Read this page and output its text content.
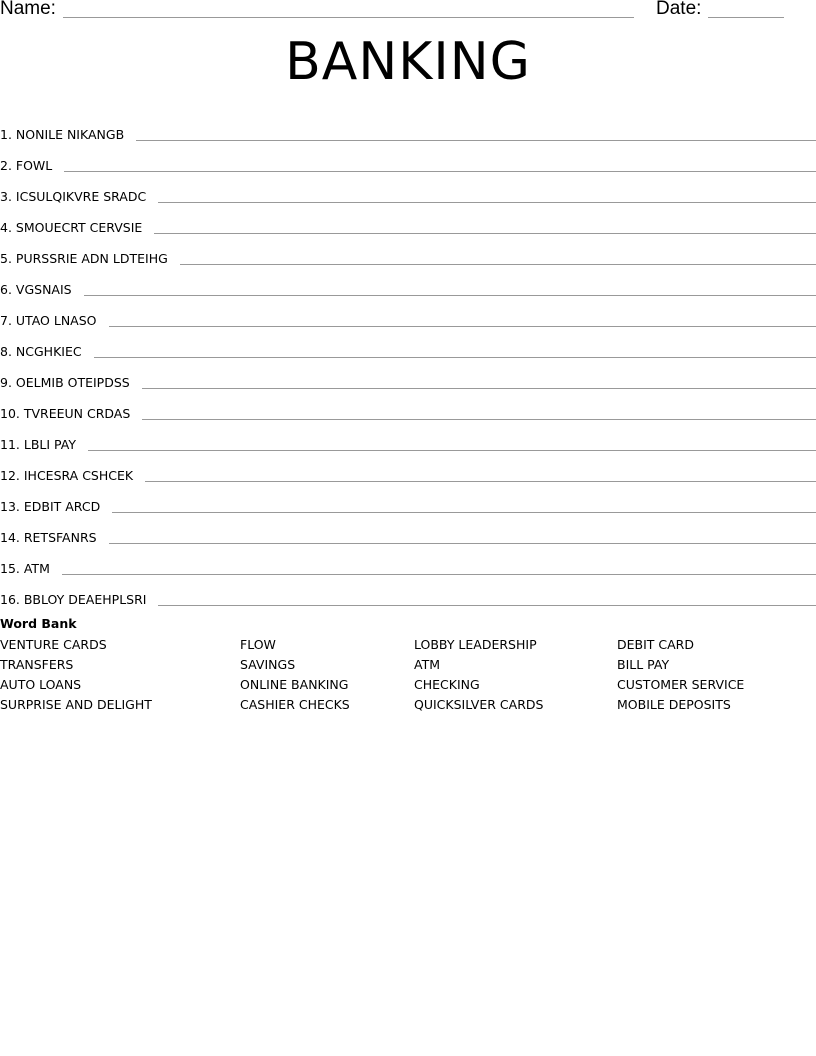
Name:	Date:
BANKING
1. NONILE NIKANGB
2. FOWL
3. ICSULQIKVRE SRADC
4. SMOUECRT CERVSIE
5. PURSSRIE ADN LDTEIHG
6. VGSNAIS
7. UTAO LNASO
8. NCGHKIEC
9. OELMIB OTEIPDSS
10. TVREEUN CRDAS
11. LBLI PAY
12. IHCESRA CSHCEK
13. EDBIT ARCD
14. RETSFANRS
15. ATM
16. BBLOY DEAEHPLSRI
Word Bank
VENTURE CARDS
TRANSFERS
AUTO LOANS
SURPRISE AND DELIGHT
FLOW
SAVINGS
ONLINE BANKING
CASHIER CHECKS
LOBBY LEADERSHIP
ATM
CHECKING
QUICKSILVER CARDS
DEBIT CARD
BILL PAY
CUSTOMER SERVICE
MOBILE DEPOSITS
